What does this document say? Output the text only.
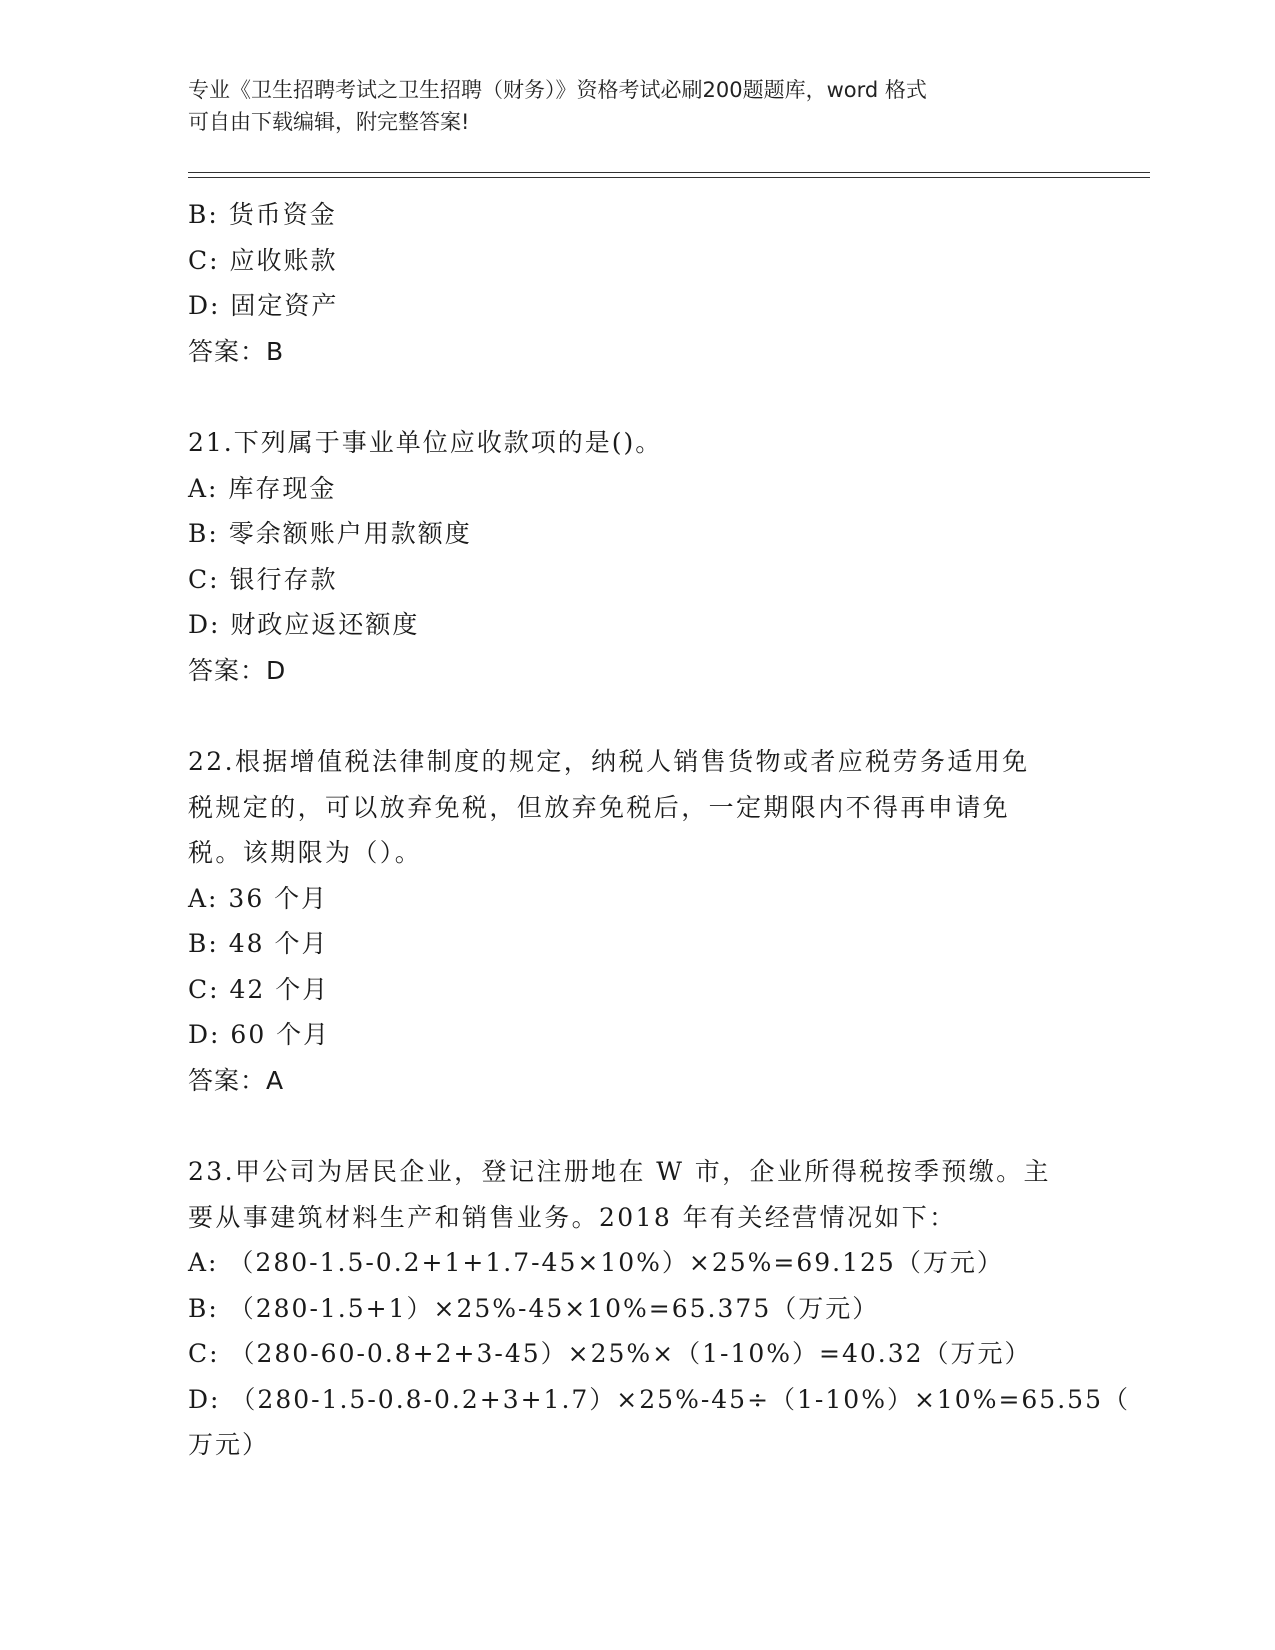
专业《卫生招聘考试之卫生招聘（财务）》资格考试必刷200题题库，word 格式
可自由下载编辑，附完整答案!
B: 货币资金
C: 应收账款
D: 固定资产
答案：B
21.下列属于事业单位应收款项的是()。
A: 库存现金
B: 零余额账户用款额度
C: 银行存款
D: 财政应返还额度
答案：D
22.根据增值税法律制度的规定，纳税人销售货物或者应税劳务适用免
税规定的，可以放弃免税，但放弃免税后，一定期限内不得再申请免
税。该期限为（）。
A: 36 个月
B: 48 个月
C: 42 个月
D: 60 个月
答案：A
23.甲公司为居民企业，登记注册地在 W 市，企业所得税按季预缴。主
要从事建筑材料生产和销售业务。2018 年有关经营情况如下：
A: （280-1.5-0.2+1+1.7-45×10%）×25%=69.125（万元）
B: （280-1.5+1）×25%-45×10%=65.375（万元）
C: （280-60-0.8+2+3-45）×25%×（1-10%）=40.32（万元）
D: （280-1.5-0.8-0.2+3+1.7）×25%-45÷（1-10%）×10%=65.55（
万元）
